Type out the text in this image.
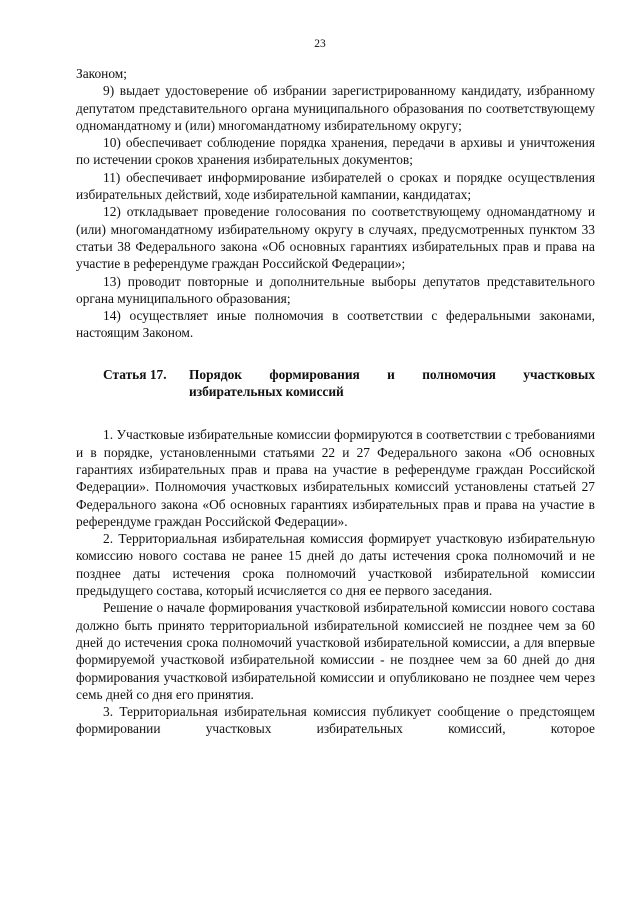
23

Законом;

9) выдает удостоверение об избрании зарегистрированному кандидату, избранному депутатом представительного органа муниципального образования по соответствующему одномандатному и (или) многомандатному избирательному округу;

10) обеспечивает соблюдение порядка хранения, передачи в архивы и уничтожения по истечении сроков хранения избирательных документов;

11) обеспечивает информирование избирателей о сроках и порядке осуществления избирательных действий, ходе избирательной кампании, кандидатах;

12) откладывает проведение голосования по соответствующему одномандатному и (или) многомандатному избирательному округу в случаях, предусмотренных пунктом 33 статьи 38 Федерального закона «Об основных гарантиях избирательных прав и права на участие в референдуме граждан Российской Федерации»;

13) проводит повторные и дополнительные выборы депутатов представительного органа муниципального образования;

14) осуществляет иные полномочия в соответствии с федеральными законами, настоящим Законом.

Статья 17.	Порядок формирования и полномочия участковых избирательных комиссий

1. Участковые избирательные комиссии формируются в соответствии с требованиями и в порядке, установленными статьями 22 и 27 Федерального закона «Об основных гарантиях избирательных прав и права на участие в референдуме граждан Российской Федерации». Полномочия участковых избирательных комиссий установлены статьей 27 Федерального закона «Об основных гарантиях избирательных прав и права на участие в референдуме граждан Российской Федерации».

2. Территориальная избирательная комиссия формирует участковую избирательную комиссию нового состава не ранее 15 дней до даты истечения срока полномочий и не позднее даты истечения срока полномочий участковой избирательной комиссии предыдущего состава, который исчисляется со дня ее первого заседания.

Решение о начале формирования участковой избирательной комиссии нового состава должно быть принято территориальной избирательной комиссией не позднее чем за 60 дней до истечения срока полномочий участковой избирательной комиссии, а для впервые формируемой участковой избирательной комиссии - не позднее чем за 60 дней до дня формирования участковой избирательной комиссии и опубликовано не позднее чем через семь дней со дня его принятия.

3. Территориальная избирательная комиссия публикует сообщение о предстоящем формировании участковых избирательных комиссий, которое
